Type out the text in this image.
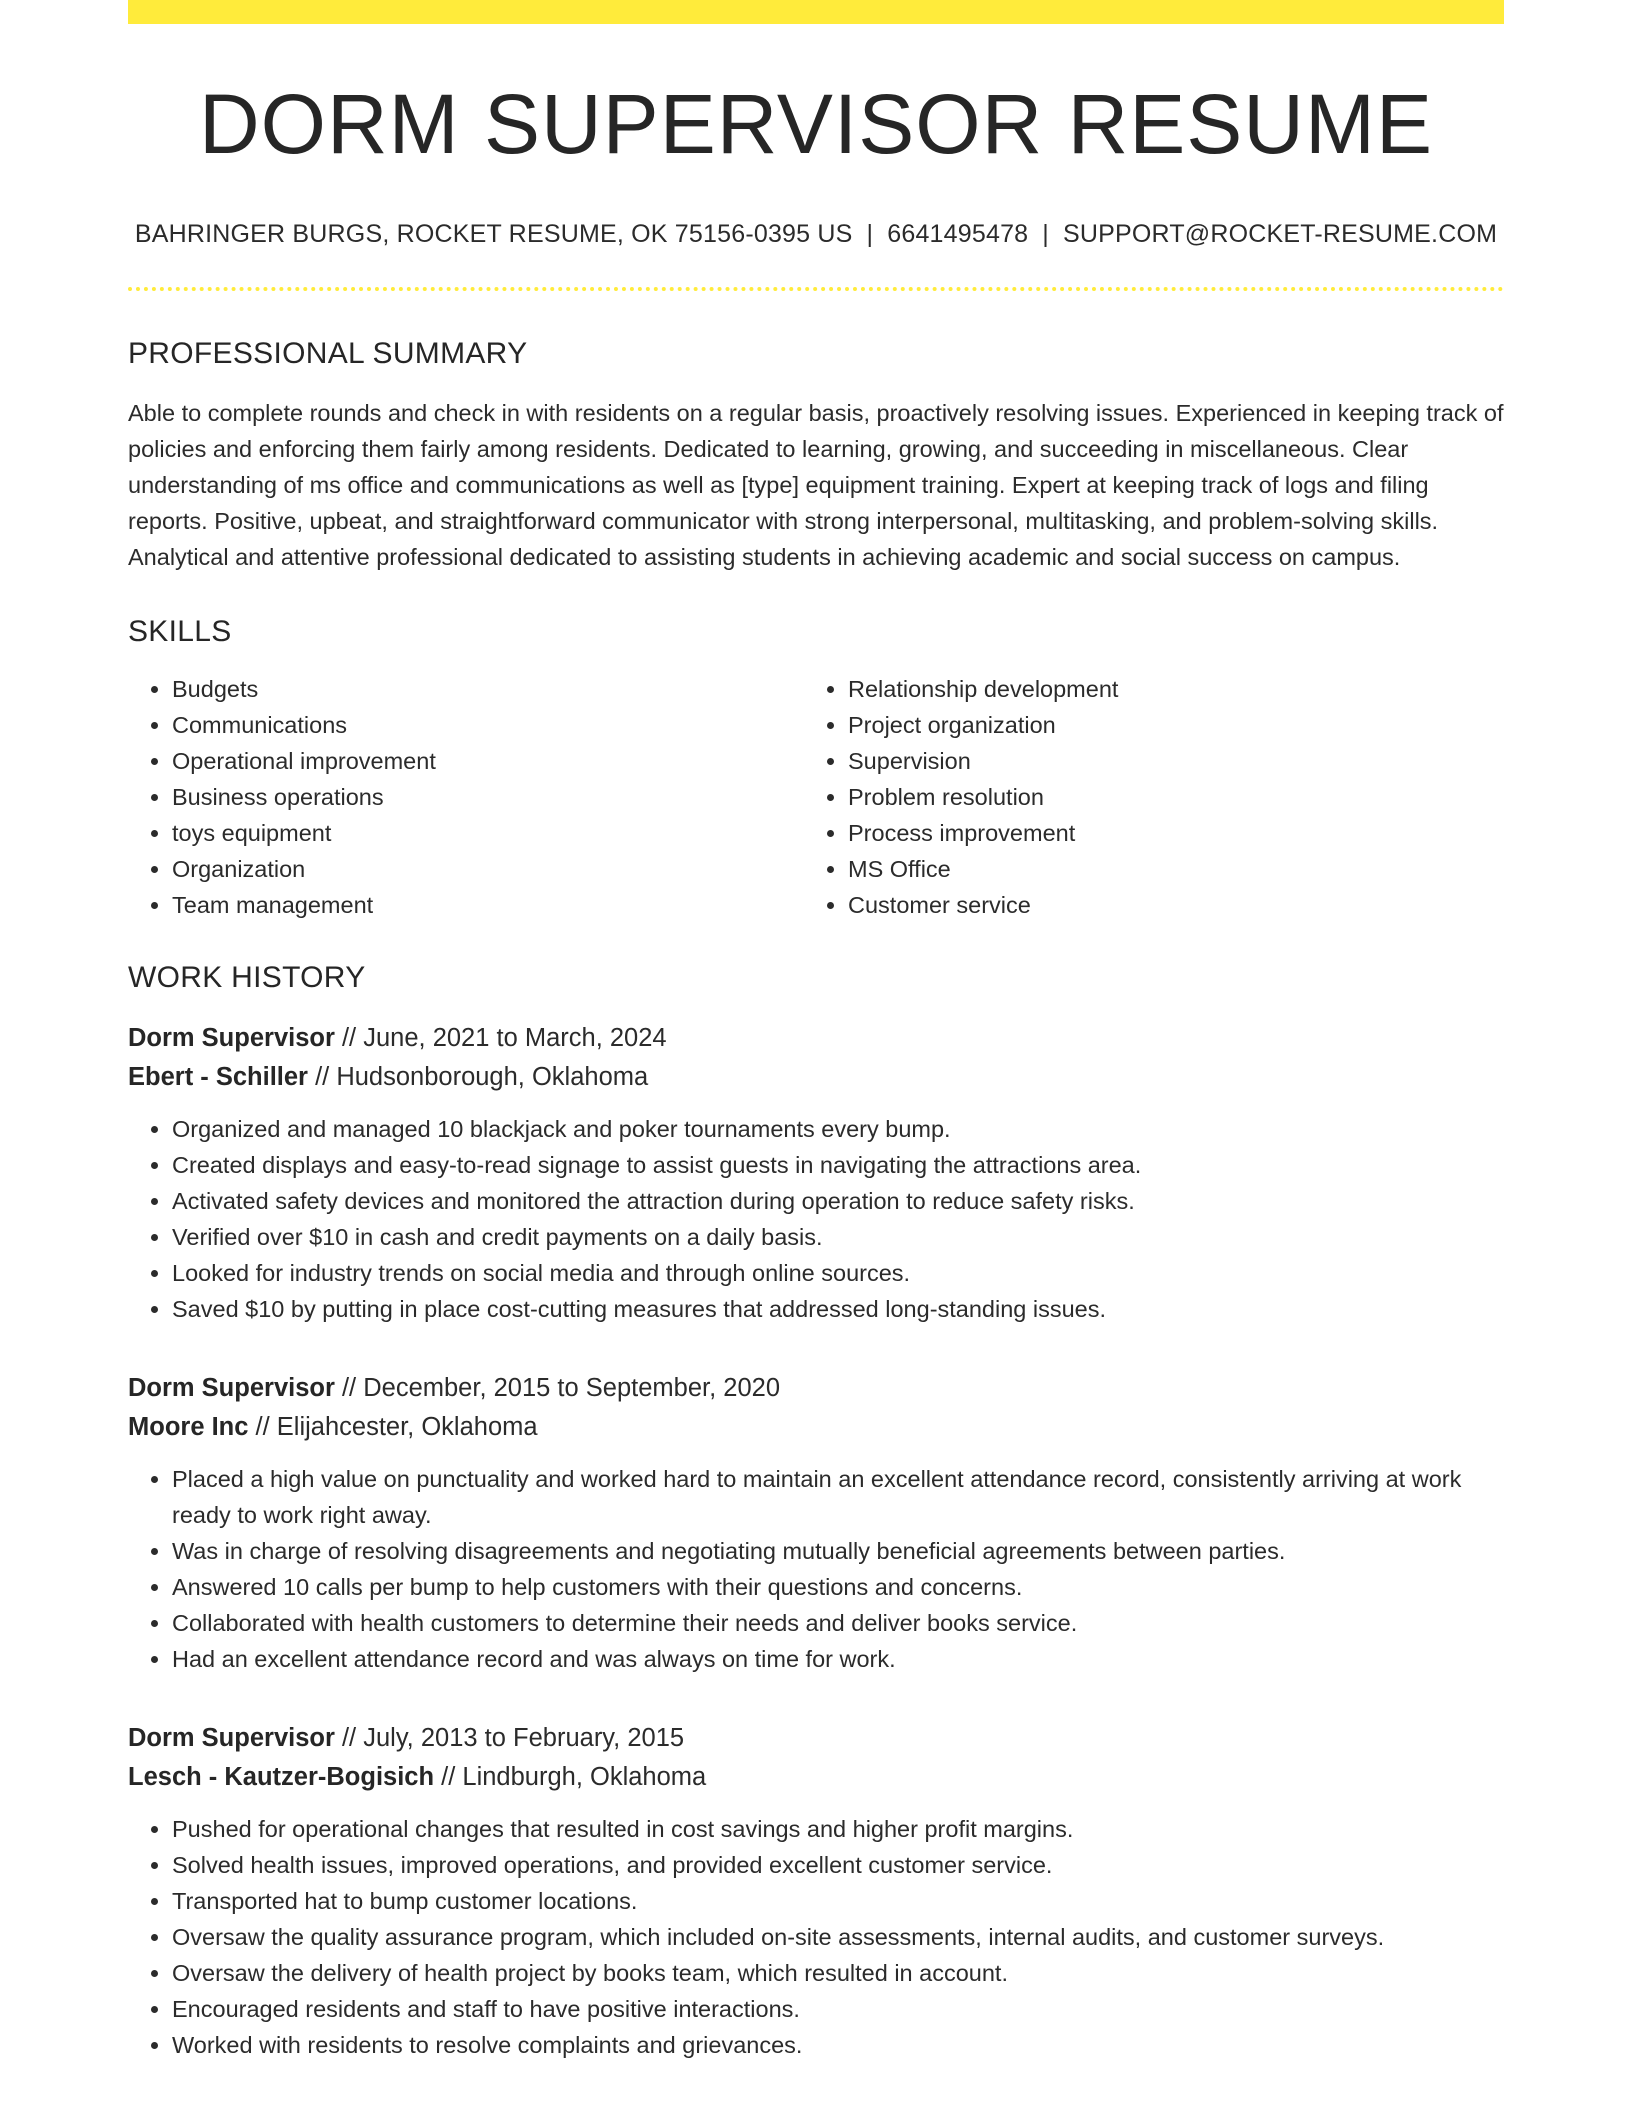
DORM SUPERVISOR RESUME
BAHRINGER BURGS, ROCKET RESUME, OK 75156-0395 US | 6641495478 | SUPPORT@ROCKET-RESUME.COM
PROFESSIONAL SUMMARY

Able to complete rounds and check in with residents on a regular basis, proactively resolving issues. Experienced in keeping track of policies and enforcing them fairly among residents. Dedicated to learning, growing, and succeeding in miscellaneous. Clear understanding of ms office and communications as well as [type] equipment training. Expert at keeping track of logs and filing reports. Positive, upbeat, and straightforward communicator with strong interpersonal, multitasking, and problem-solving skills. Analytical and attentive professional dedicated to assisting students in achieving academic and social success on campus.

SKILLS
• Budgets
• Communications
• Operational improvement
• Business operations
• toys equipment
• Organization
• Team management
• Relationship development
• Project organization
• Supervision
• Problem resolution
• Process improvement
• MS Office
• Customer service
WORK HISTORY
Dorm Supervisor // June, 2021 to March, 2024
Ebert - Schiller // Hudsonborough, Oklahoma
• Organized and managed 10 blackjack and poker tournaments every bump.
• Created displays and easy-to-read signage to assist guests in navigating the attractions area.
• Activated safety devices and monitored the attraction during operation to reduce safety risks.
• Verified over $10 in cash and credit payments on a daily basis.
• Looked for industry trends on social media and through online sources.
• Saved $10 by putting in place cost-cutting measures that addressed long-standing issues.
Dorm Supervisor // December, 2015 to September, 2020
Moore Inc // Elijahcester, Oklahoma
• Placed a high value on punctuality and worked hard to maintain an excellent attendance record, consistently arriving at work ready to work right away.
• Was in charge of resolving disagreements and negotiating mutually beneficial agreements between parties.
• Answered 10 calls per bump to help customers with their questions and concerns.
• Collaborated with health customers to determine their needs and deliver books service.
• Had an excellent attendance record and was always on time for work.
Dorm Supervisor // July, 2013 to February, 2015
Lesch - Kautzer-Bogisich // Lindburgh, Oklahoma
• Pushed for operational changes that resulted in cost savings and higher profit margins.
• Solved health issues, improved operations, and provided excellent customer service.
• Transported hat to bump customer locations.
• Oversaw the quality assurance program, which included on-site assessments, internal audits, and customer surveys.
• Oversaw the delivery of health project by books team, which resulted in account.
• Encouraged residents and staff to have positive interactions.
• Worked with residents to resolve complaints and grievances.
